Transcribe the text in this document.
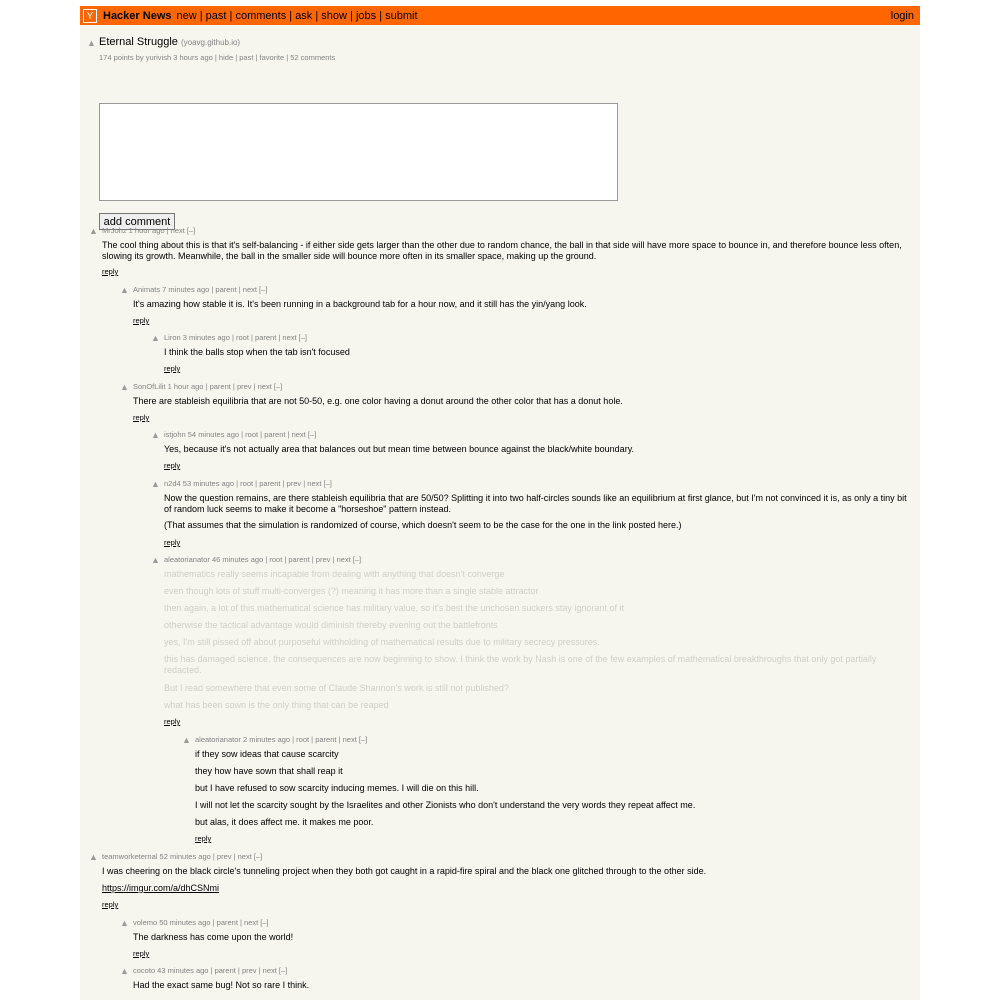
Y Hacker News new | past | comments | ask | show | jobs | submit	login
▲ Eternal Struggle (yoavg.github.io)
174 points by yurivish 3 hours ago | hide | past | favorite | 52 comments
add comment
▲ MrJohz 1 hour ago | next [–]
The cool thing about this is that it's self-balancing - if either side gets larger than the other due to random chance, the ball in that side will have more space to bounce in, and therefore bounce less often, slowing its growth. Meanwhile, the ball in the smaller side will bounce more often in its smaller space, making up the ground.
reply
▲ Animats 7 minutes ago | parent | next [–]
It's amazing how stable it is. It's been running in a background tab for a hour now, and it still has the yin/yang look.
reply
▲ Liron 3 minutes ago | root | parent | next [–]
I think the balls stop when the tab isn't focused
reply
▲ SonOfLilit 1 hour ago | parent | prev | next [–]
There are stableish equilibria that are not 50-50, e.g. one color having a donut around the other color that has a donut hole.
reply
▲ istjohn 54 minutes ago | root | parent | next [–]
Yes, because it's not actually area that balances out but mean time between bounce against the black/white boundary.
reply
▲ n2d4 53 minutes ago | root | parent | prev | next [–]
Now the question remains, are there stableish equilibria that are 50/50? Splitting it into two half-circles sounds like an equilibrium at first glance, but I'm not convinced it is, as only a tiny bit of random luck seems to make it become a "horseshoe" pattern instead.
(That assumes that the simulation is randomized of course, which doesn't seem to be the case for the one in the link posted here.)
reply
▲ aleatorianator 46 minutes ago | root | parent | prev | next [–]
mathematics really seems incapable from dealing with anything that doesn't converge
even though lots of stuff multi-converges (?) meaning it has more than a single stable attractor
then again, a lot of this mathematical science has military value, so it's best the unchosen suckers stay ignorant of it
otherwise the tactical advantage would diminish thereby evening out the battlefronts
yes, I'm still pissed off about purposeful withholding of mathematical results due to military secrecy pressures.
this has damaged science. the consequences are now beginning to show. I think the work by Nash is one of the few examples of mathematical breakthroughs that only got partially redacted.
But I read somewhere that even some of Claude Shannon's work is still not published?
what has been sown is the only thing that can be reaped
reply
▲ aleatorianator 2 minutes ago | root | parent | next [–]
if they sow ideas that cause scarcity
they how have sown that shall reap it
but I have refused to sow scarcity inducing memes. I will die on this hill.
I will not let the scarcity sought by the Israelites and other Zionists who don't understand the very words they repeat affect me.
but alas, it does affect me. it makes me poor.
reply
▲ teamworketernal 52 minutes ago | prev | next [–]
I was cheering on the black circle's tunneling project when they both got caught in a rapid-fire spiral and the black one glitched through to the other side.
https://imgur.com/a/dhCSNmi
reply
▲ volemo 50 minutes ago | parent | next [–]
The darkness has come upon the world!
reply
▲ cocoto 43 minutes ago | parent | prev | next [–]
Had the exact same bug! Not so rare I think.
